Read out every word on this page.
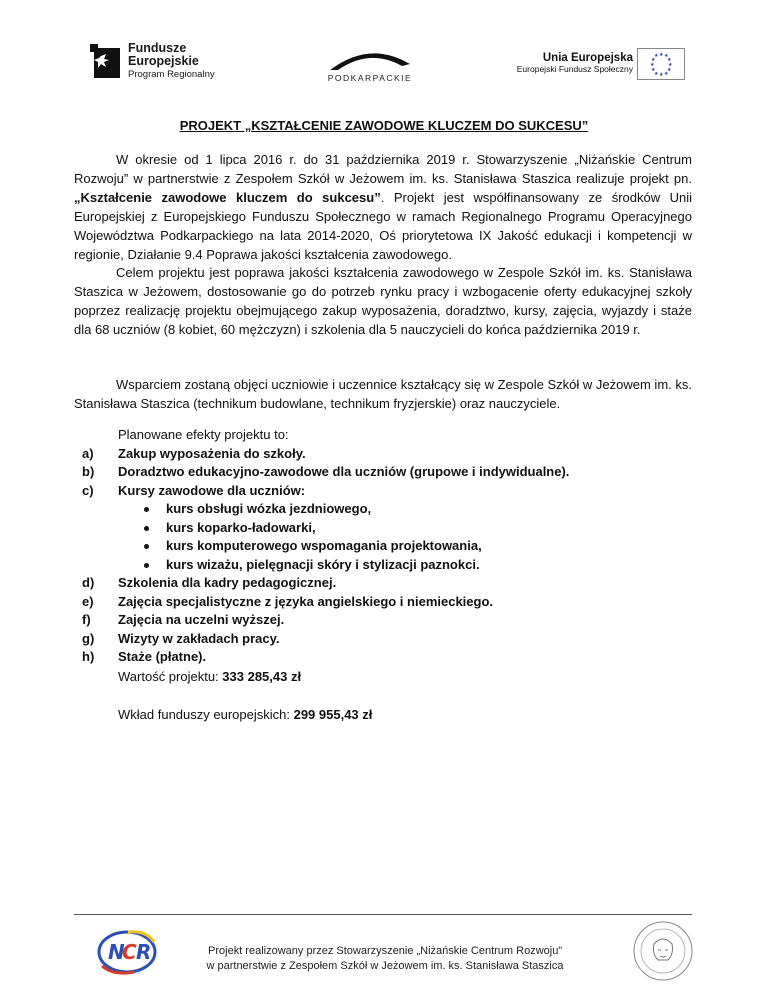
Fundusze
Europejskie
Program Regionalny	PODKARPACKIE
Unia Europejska
Europejski Fundusz Społeczny
★ ★
★
★
★
★
★
★
★
★
★
★
PROJEKT „KSZTAŁCENIE ZAWODOWE KLUCZEM DO SUKCESU”
W okresie od 1 lipca 2016 r. do 31 października 2019 r. Stowarzyszenie „Niżańskie Centrum Rozwoju” w partnerstwie z Zespołem Szkół w Jeżowem im. ks. Stanisława Staszica realizuje projekt pn. „Kształcenie zawodowe kluczem do sukcesu”. Projekt jest współfinansowany ze środków Unii Europejskiej z Europejskiego Funduszu Społecznego w ramach Regionalnego Programu Operacyjnego Województwa Podkarpackiego na lata 2014-2020, Oś priorytetowa IX Jakość edukacji i kompetencji w regionie, Działanie 9.4 Poprawa jakości kształcenia zawodowego.
Celem projektu jest poprawa jakości kształcenia zawodowego w Zespole Szkół im. ks. Stanisława Staszica w Jeżowem, dostosowanie go do potrzeb rynku pracy i wzbogacenie oferty edukacyjnej szkoły poprzez realizację projektu obejmującego zakup wyposażenia, doradztwo, kursy, zajęcia, wyjazdy i staże dla 68 uczniów (8 kobiet, 60 mężczyzn) i szkolenia dla 5 nauczycieli do końca października 2019 r.
Wsparciem zostaną objęci uczniowie i uczennice kształcący się w Zespole Szkół w Jeżowem im. ks. Stanisława Staszica (technikum budowlane, technikum fryzjerskie) oraz nauczyciele.
Planowane efekty projektu to:
a) Zakup wyposażenia do szkoły.
b) Doradztwo edukacyjno-zawodowe dla uczniów (grupowe i indywidualne).
c) Kursy zawodowe dla uczniów:
kurs obsługi wózka jezdniowego,
kurs koparko-ładowarki,
kurs komputerowego wspomagania projektowania,
kurs wizażu, pielęgnacji skóry i stylizacji paznokci.
d) Szkolenia dla kadry pedagogicznej.
e) Zajęcia specjalistyczne z języka angielskiego i niemieckiego.
f) Zajęcia na uczelni wyższej.
g) Wizyty w zakładach pracy.
h) Staże (płatne).
Wartość projektu: 333 285,43 zł
Wkład funduszy europejskich: 299 955,43 zł
N
C R	Projekt realizowany przez Stowarzyszenie „Niżańskie Centrum Rozwoju”
w partnerstwie z Zespołem Szkół w Jeżowem im. ks. Stanisława Staszica
